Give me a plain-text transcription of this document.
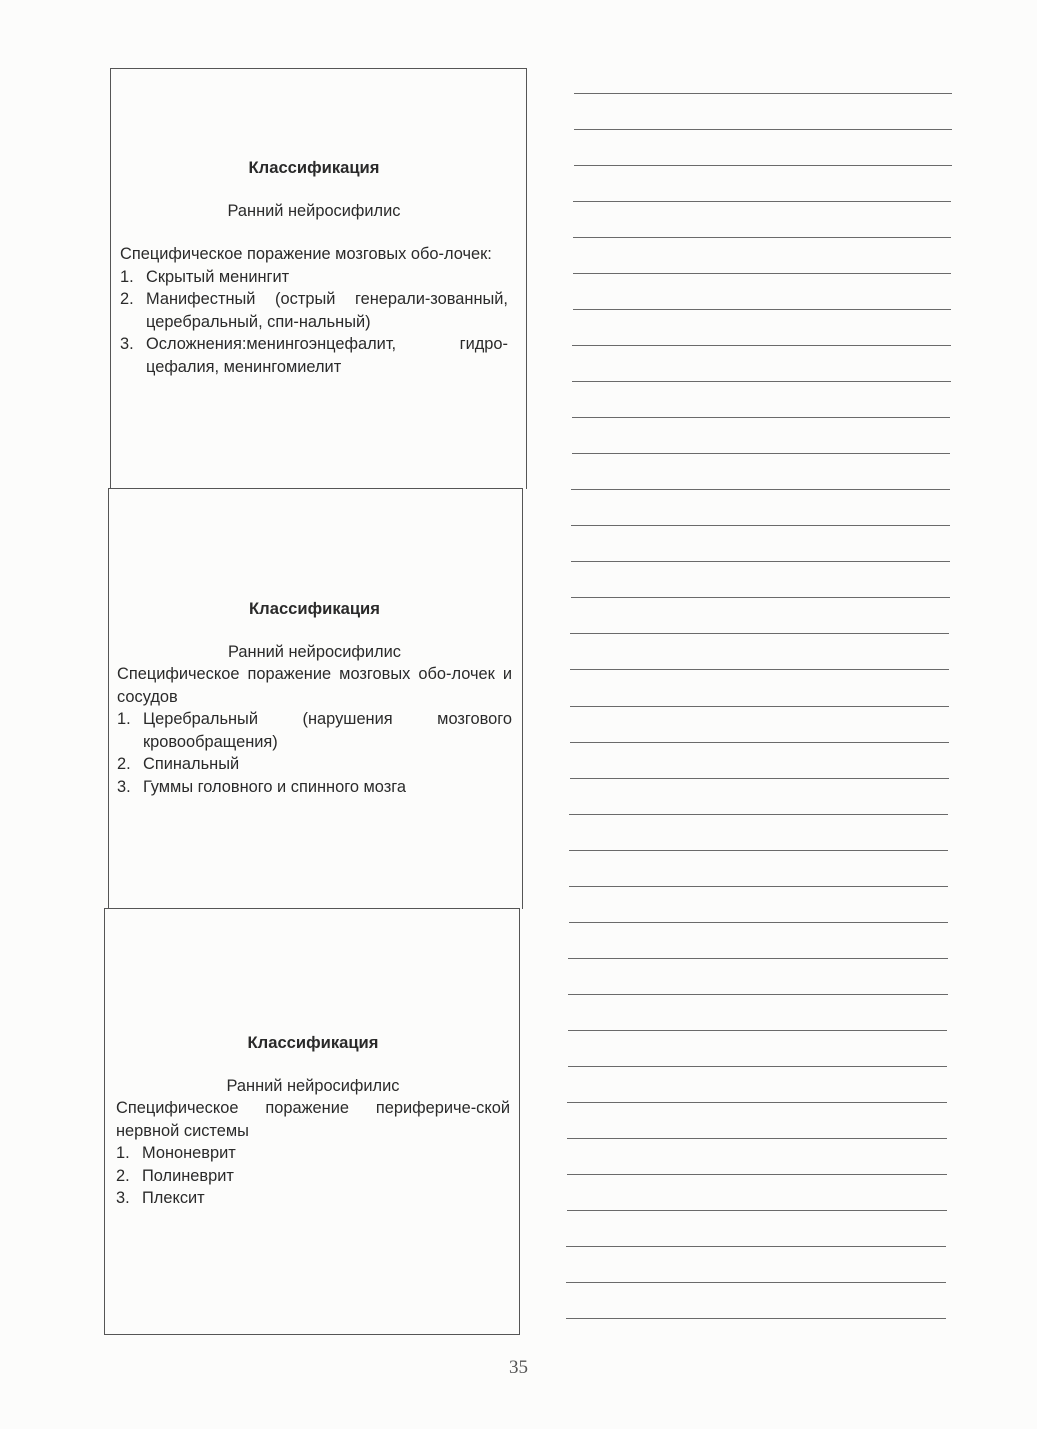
Классификация

Ранний нейросифилис

Специфическое поражение мозговых обо-лочек:

1. Скрытый менингит
2. Манифестный (острый генерали-зованный, церебральный, спи-нальный)
3. Осложнения:менингоэнцефалит, гидро-цефалия, менингомиелит

Классификация

Ранний нейросифилис

Специфическое поражение мозговых обо-лочек и сосудов

1. Церебральный (нарушения мозгового кровообращения)
2. Спинальный
3. Гуммы головного и спинного мозга

Классификация

Ранний нейросифилис

Специфическое поражение перифериче-ской нервной системы

1. Мононеврит
2. Полиневрит
3. Плексит
35
